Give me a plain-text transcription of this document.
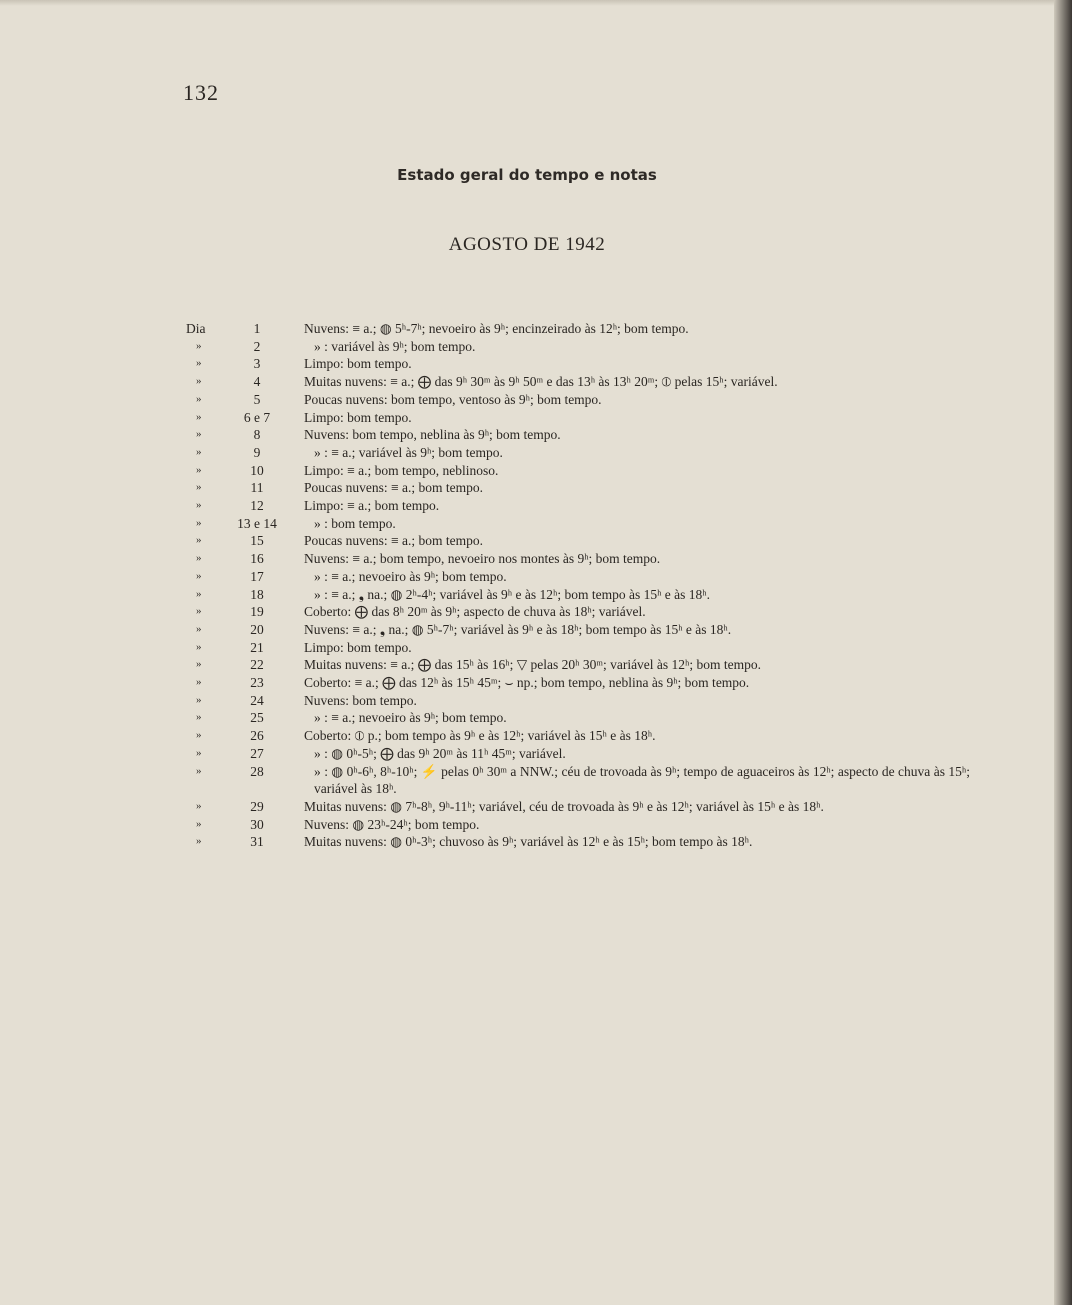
132
Estado geral do tempo e notas
AGOSTO DE 1942
Dia	1	Nuvens: ≡ a.; ◍ 5ʰ-7ʰ; nevoeiro às 9ʰ; encinzeirado às 12ʰ; bom tempo.
»	2	» : variável às 9ʰ; bom tempo.
»	3	Limpo: bom tempo.
»	4	Muitas nuvens: ≡ a.; ⨁ das 9ʰ 30ᵐ às 9ʰ 50ᵐ e das 13ʰ às 13ʰ 20ᵐ; ⦶ pelas 15ʰ; variável.
»	5	Poucas nuvens: bom tempo, ventoso às 9ʰ; bom tempo.
»	6 e 7	Limpo: bom tempo.
»	8	Nuvens: bom tempo, neblina às 9ʰ; bom tempo.
»	9	» : ≡ a.; variável às 9ʰ; bom tempo.
»	10	Limpo: ≡ a.; bom tempo, neblinoso.
»	11	Poucas nuvens: ≡ a.; bom tempo.
»	12	Limpo: ≡ a.; bom tempo.
»	13 e 14	» : bom tempo.
»	15	Poucas nuvens: ≡ a.; bom tempo.
»	16	Nuvens: ≡ a.; bom tempo, nevoeiro nos montes às 9ʰ; bom tempo.
»	17	» : ≡ a.; nevoeiro às 9ʰ; bom tempo.
»	18	» : ≡ a.; ❟ na.; ◍ 2ʰ-4ʰ; variável às 9ʰ e às 12ʰ; bom tempo às 15ʰ e às 18ʰ.
»	19	Coberto: ⨁ das 8ʰ 20ᵐ às 9ʰ; aspecto de chuva às 18ʰ; variável.
»	20	Nuvens: ≡ a.; ❟ na.; ◍ 5ʰ-7ʰ; variável às 9ʰ e às 18ʰ; bom tempo às 15ʰ e às 18ʰ.
»	21	Limpo: bom tempo.
»	22	Muitas nuvens: ≡ a.; ⨁ das 15ʰ às 16ʰ; ▽ pelas 20ʰ 30ᵐ; variável às 12ʰ; bom tempo.
»	23	Coberto: ≡ a.; ⨁ das 12ʰ às 15ʰ 45ᵐ; ⌣ np.; bom tempo, neblina às 9ʰ; bom tempo.
»	24	Nuvens: bom tempo.
»	25	» : ≡ a.; nevoeiro às 9ʰ; bom tempo.
»	26	Coberto: ⦶ p.; bom tempo às 9ʰ e às 12ʰ; variável às 15ʰ e às 18ʰ.
»	27	» : ◍ 0ʰ-5ʰ; ⨁ das 9ʰ 20ᵐ às 11ʰ 45ᵐ; variável.
»	28	» : ◍ 0ʰ-6ʰ, 8ʰ-10ʰ; ⚡ pelas 0ʰ 30ᵐ a NNW.; céu de trovoada às 9ʰ; tempo de aguaceiros às 12ʰ; aspecto de chuva às 15ʰ; variável às 18ʰ.
»	29	Muitas nuvens: ◍ 7ʰ-8ʰ, 9ʰ-11ʰ; variável, céu de trovoada às 9ʰ e às 12ʰ; variável às 15ʰ e às 18ʰ.
»	30	Nuvens: ◍ 23ʰ-24ʰ; bom tempo.
»	31	Muitas nuvens: ◍ 0ʰ-3ʰ; chuvoso às 9ʰ; variável às 12ʰ e às 15ʰ; bom tempo às 18ʰ.
